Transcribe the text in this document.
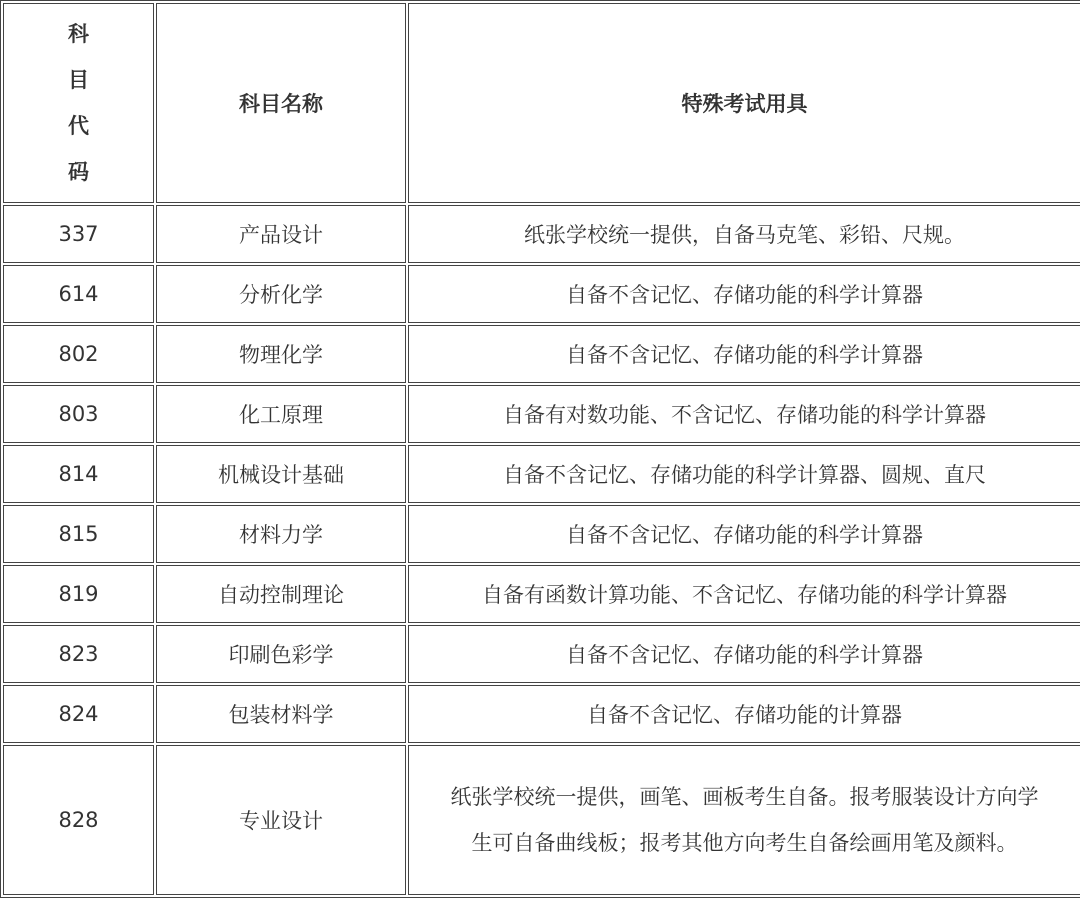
科
目
代
码	科目名称	特殊考试用具
337	产品设计	纸张学校统一提供，自备马克笔、彩铅、尺规。
614	分析化学	自备不含记忆、存储功能的科学计算器
802	物理化学	自备不含记忆、存储功能的科学计算器
803	化工原理	自备有对数功能、不含记忆、存储功能的科学计算器
814	机械设计基础	自备不含记忆、存储功能的科学计算器、圆规、直尺
815	材料力学	自备不含记忆、存储功能的科学计算器
819	自动控制理论	自备有函数计算功能、不含记忆、存储功能的科学计算器
823	印刷色彩学	自备不含记忆、存储功能的科学计算器
824	包装材料学	自备不含记忆、存储功能的计算器
828	专业设计	纸张学校统一提供，画笔、画板考生自备。报考服装设计方向学生可自备曲线板；报考其他方向考生自备绘画用笔及颜料。
